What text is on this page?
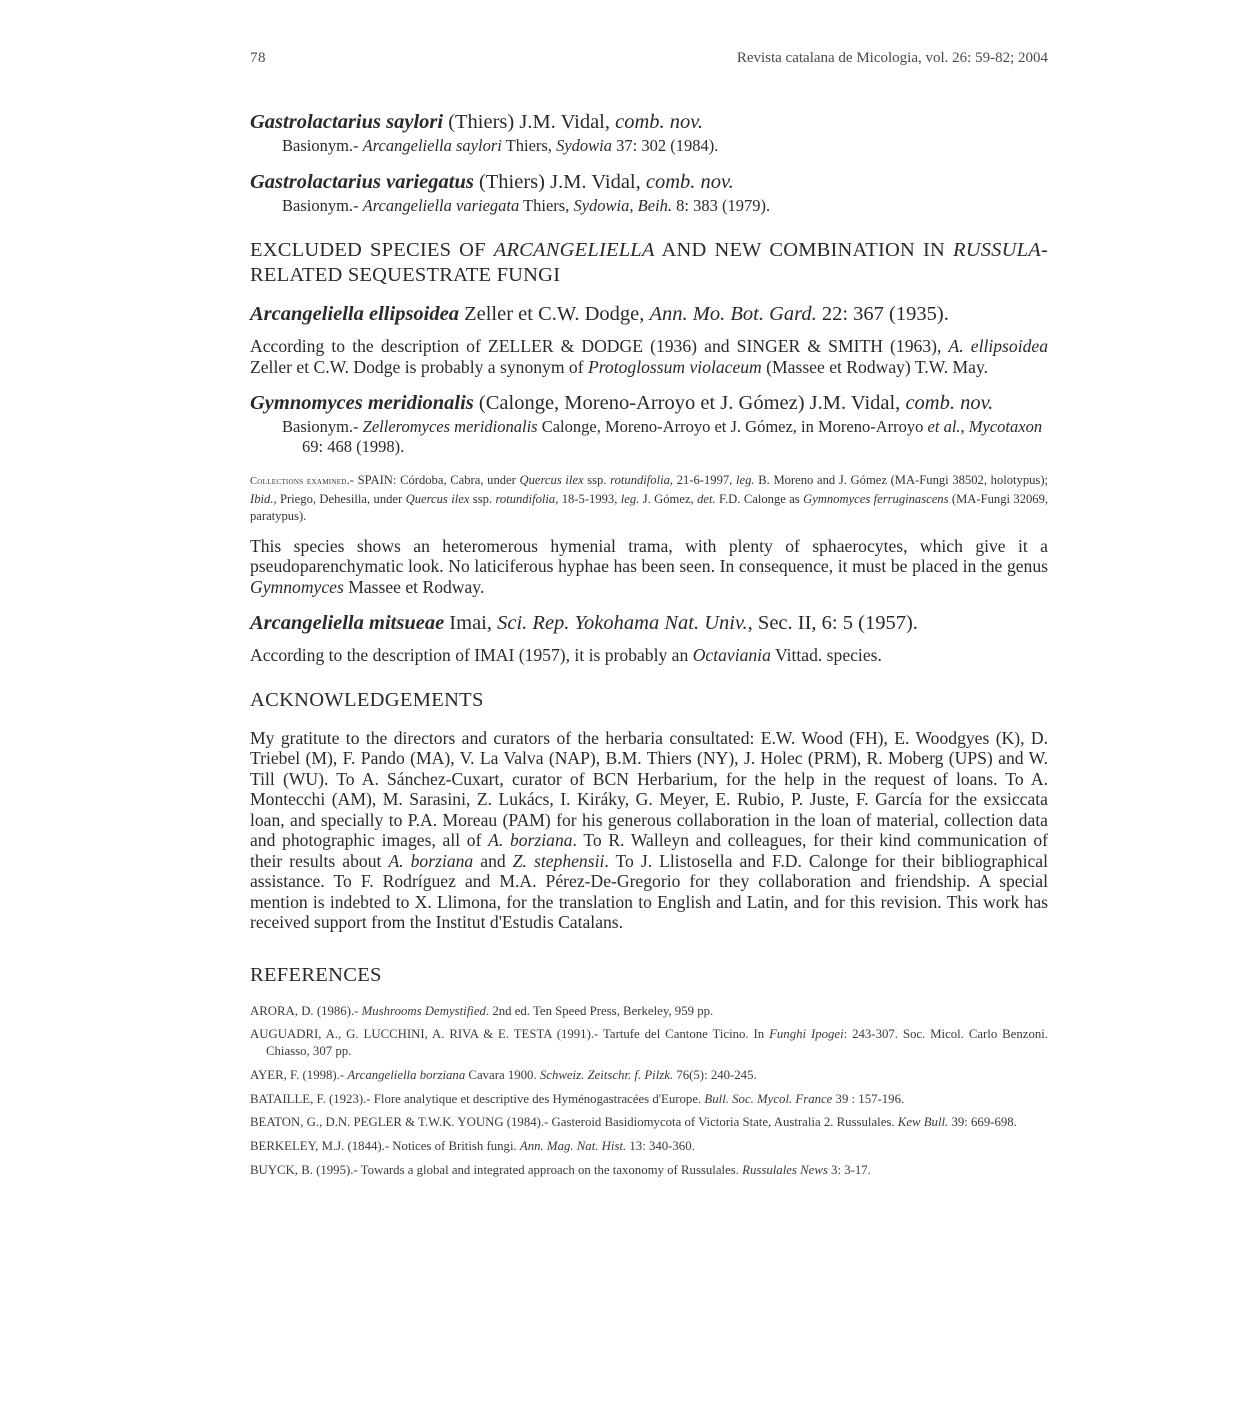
78	Revista catalana de Micologia, vol. 26: 59-82; 2004

Gastrolactarius saylori (Thiers) J.M. Vidal, comb. nov.

Basionym.- Arcangeliella saylori Thiers, Sydowia 37: 302 (1984).

Gastrolactarius variegatus (Thiers) J.M. Vidal, comb. nov.

Basionym.- Arcangeliella variegata Thiers, Sydowia, Beih. 8: 383 (1979).

EXCLUDED SPECIES OF ARCANGELIELLA AND NEW COMBINATION IN RUSSULA-RELATED SEQUESTRATE FUNGI

Arcangeliella ellipsoidea Zeller et C.W. Dodge, Ann. Mo. Bot. Gard. 22: 367 (1935).

According to the description of ZELLER & DODGE (1936) and SINGER & SMITH (1963), A. ellipsoidea Zeller et C.W. Dodge is probably a synonym of Protoglossum violaceum (Massee et Rodway) T.W. May.

Gymnomyces meridionalis (Calonge, Moreno-Arroyo et J. Gómez) J.M. Vidal, comb. nov.

Basionym.- Zelleromyces meridionalis Calonge, Moreno-Arroyo et J. Gómez, in Moreno-Arroyo et al., Mycotaxon 69: 468 (1998).

Collections examined.- SPAIN: Córdoba, Cabra, under Quercus ilex ssp. rotundifolia, 21-6-1997, leg. B. Moreno and J. Gómez (MA-Fungi 38502, holotypus); Ibid., Priego, Dehesilla, under Quercus ilex ssp. rotundifolia, 18-5-1993, leg. J. Gómez, det. F.D. Calonge as Gymnomyces ferruginascens (MA-Fungi 32069, paratypus).

This species shows an heteromerous hymenial trama, with plenty of sphaerocytes, which give it a pseudoparenchymatic look. No laticiferous hyphae has been seen. In consequence, it must be placed in the genus Gymnomyces Massee et Rodway.

Arcangeliella mitsueae Imai, Sci. Rep. Yokohama Nat. Univ., Sec. II, 6: 5 (1957).

According to the description of IMAI (1957), it is probably an Octaviania Vittad. species.

ACKNOWLEDGEMENTS

My gratitute to the directors and curators of the herbaria consultated: E.W. Wood (FH), E. Woodgyes (K), D. Triebel (M), F. Pando (MA), V. La Valva (NAP), B.M. Thiers (NY), J. Holec (PRM), R. Moberg (UPS) and W. Till (WU). To A. Sánchez-Cuxart, curator of BCN Herbarium, for the help in the request of loans. To A. Montecchi (AM), M. Sarasini, Z. Lukács, I. Kiráky, G. Meyer, E. Rubio, P. Juste, F. García for the exsiccata loan, and specially to P.A. Moreau (PAM) for his generous collaboration in the loan of material, collection data and photographic images, all of A. borziana. To R. Walleyn and colleagues, for their kind communication of their results about A. borziana and Z. stephensii. To J. Llistosella and F.D. Calonge for their bibliographical assistance. To F. Rodríguez and M.A. Pérez-De-Gregorio for they collaboration and friendship. A special mention is indebted to X. Llimona, for the translation to English and Latin, and for this revision. This work has received support from the Institut d'Estudis Catalans.

REFERENCES

ARORA, D. (1986).- Mushrooms Demystified. 2nd ed. Ten Speed Press, Berkeley, 959 pp.
AUGUADRI, A., G. LUCCHINI, A. RIVA & E. TESTA (1991).- Tartufe del Cantone Ticino. In Funghi Ipogei: 243-307. Soc. Micol. Carlo Benzoni. Chiasso, 307 pp.
AYER, F. (1998).- Arcangeliella borziana Cavara 1900. Schweiz. Zeitschr. f. Pilzk. 76(5): 240-245.
BATAILLE, F. (1923).- Flore analytique et descriptive des Hyménogastracées d'Europe. Bull. Soc. Mycol. France 39 : 157-196.
BEATON, G., D.N. PEGLER & T.W.K. YOUNG (1984).- Gasteroid Basidiomycota of Victoria State, Australia 2. Russulales. Kew Bull. 39: 669-698.
BERKELEY, M.J. (1844).- Notices of British fungi. Ann. Mag. Nat. Hist. 13: 340-360.
BUYCK, B. (1995).- Towards a global and integrated approach on the taxonomy of Russulales. Russulales News 3: 3-17.
